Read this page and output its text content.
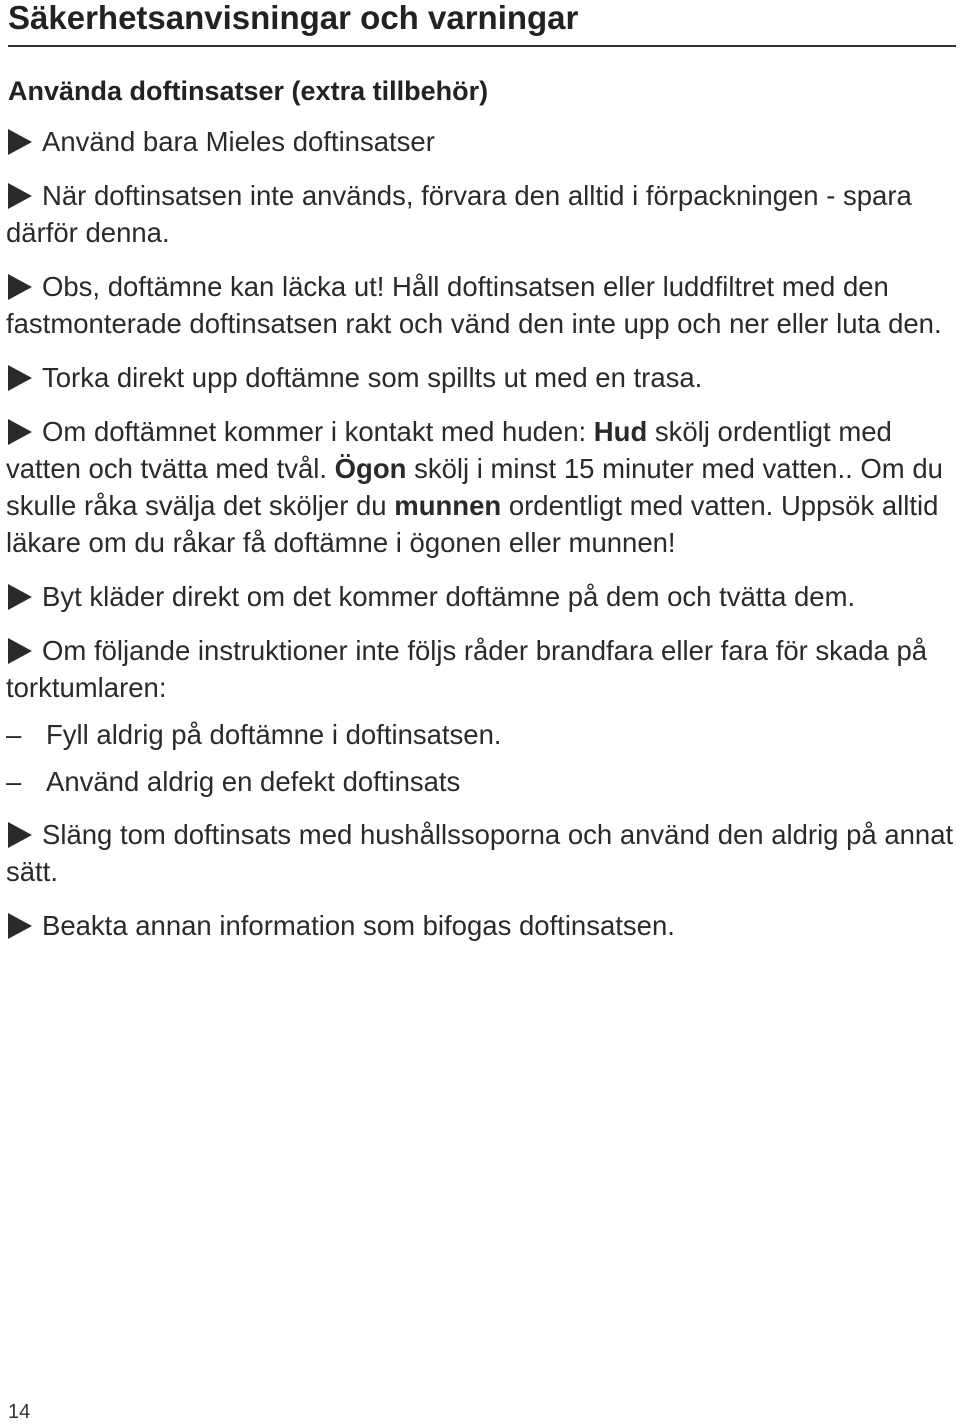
Säkerhetsanvisningar och varningar
Använda doftinsatser (extra tillbehör)

Använd bara Mieles doftinsatser

När doftinsatsen inte används, förvara den alltid i förpackningen - spara därför denna.

Obs, doftämne kan läcka ut! Håll doftinsatsen eller luddfiltret med den fastmonterade doftinsatsen rakt och vänd den inte upp och ner eller luta den.

Torka direkt upp doftämne som spillts ut med en trasa.

Om doftämnet kommer i kontakt med huden: Hud skölj ordentligt med vatten och tvätta med tvål. Ögon skölj i minst 15 minuter med vatten.. Om du skulle råka svälja det sköljer du munnen ordentligt med vatten. Uppsök alltid läkare om du råkar få doftämne i ögonen eller munnen!

Byt kläder direkt om det kommer doftämne på dem och tvätta dem.

Om följande instruktioner inte följs råder brandfara eller fara för skada på torktumlaren:

– Fyll aldrig på doftämne i doftinsatsen.

– Använd aldrig en defekt doftinsats

Släng tom doftinsats med hushållssoporna och använd den aldrig på annat sätt.

Beakta annan information som bifogas doftinsatsen.

14
